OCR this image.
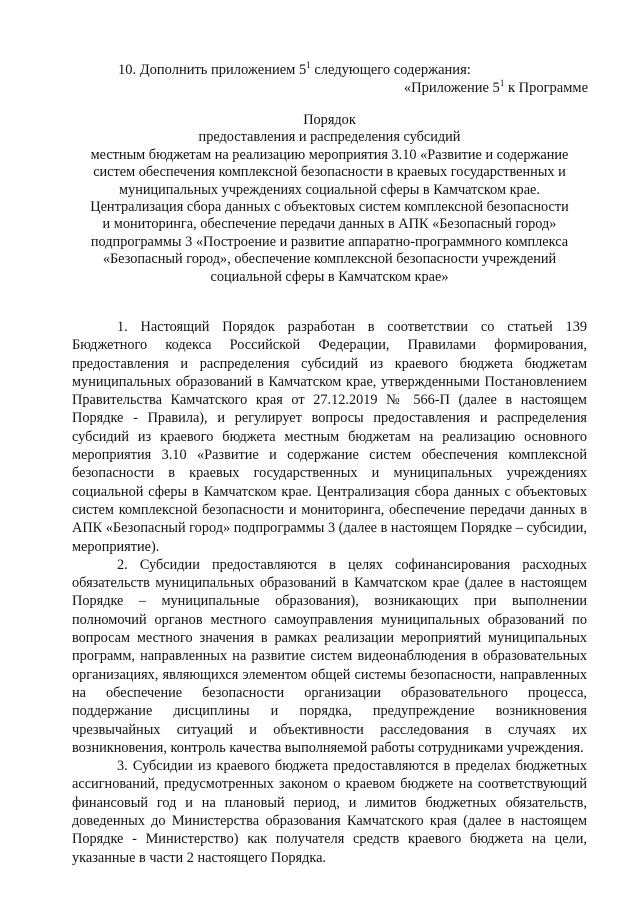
10. Дополнить приложением $5^1$ следующего содержания:
«Приложение $5^1$ к Программе
Порядок
предоставления и распределения субсидий
местным бюджетам на реализацию мероприятия 3.10 «Развитие и содержание
систем обеспечения комплексной безопасности в краевых государственных и
муниципальных учреждениях социальной сферы в Камчатском крае.
Централизация сбора данных с объектовых систем комплексной безопасности
и мониторинга, обеспечение передачи данных в АПК «Безопасный город»
подпрограммы 3 «Построение и развитие аппаратно-программного комплекса
«Безопасный город», обеспечение комплексной безопасности учреждений
социальной сферы в Камчатском крае»

1. Настоящий Порядок разработан в соответствии со статьей 139 Бюджетного кодекса Российской Федерации, Правилами формирования, предоставления и распределения субсидий из краевого бюджета бюджетам муниципальных образований в Камчатском крае, утвержденными Постановлением Правительства Камчатского края от 27.12.2019 № 566-П (далее в настоящем Порядке - Правила), и регулирует вопросы предоставления и распределения субсидий из краевого бюджета местным бюджетам на реализацию основного мероприятия 3.10 «Развитие и содержание систем обеспечения комплексной безопасности в краевых государственных и муниципальных учреждениях социальной сферы в Камчатском крае. Централизация сбора данных с объектовых систем комплексной безопасности и мониторинга, обеспечение передачи данных в АПК «Безопасный город» подпрограммы 3 (далее в настоящем Порядке – субсидии, мероприятие).

2. Субсидии предоставляются в целях софинансирования расходных обязательств муниципальных образований в Камчатском крае (далее в настоящем Порядке – муниципальные образования), возникающих при выполнении полномочий органов местного самоуправления муниципальных образований по вопросам местного значения в рамках реализации мероприятий муниципальных программ, направленных на развитие систем видеонаблюдения в образовательных организациях, являющихся элементом общей системы безопасности, направленных на обеспечение безопасности организации образовательного процесса, поддержание дисциплины и порядка, предупреждение возникновения чрезвычайных ситуаций и объективности расследования в случаях их возникновения, контроль качества выполняемой работы сотрудниками учреждения.

3. Субсидии из краевого бюджета предоставляются в пределах бюджетных ассигнований, предусмотренных законом о краевом бюджете на соответствующий финансовый год и на плановый период, и лимитов бюджетных обязательств, доведенных до Министерства образования Камчатского края (далее в настоящем Порядке - Министерство) как получателя средств краевого бюджета на цели, указанные в части 2 настоящего Порядка.
